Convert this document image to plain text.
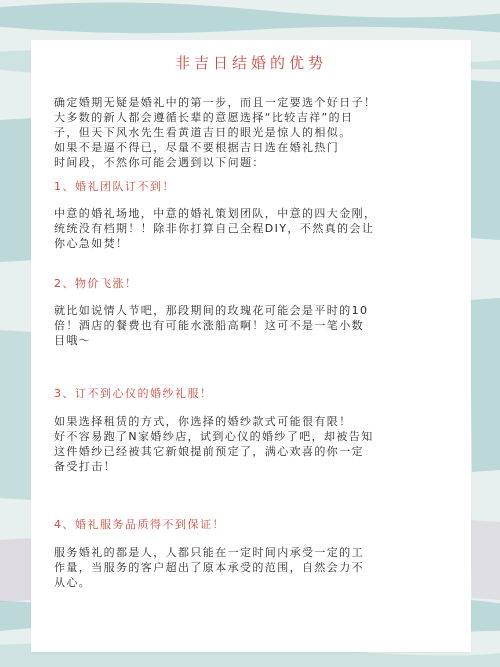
非吉日结婚的优势
确定婚期无疑是婚礼中的第一步，而且一定要选个好日子！
大多数的新人都会遵循长辈的意愿选择“比较吉祥”的日
子，但天下风水先生看黄道吉日的眼光是惊人的相似。
如果不是逼不得已，尽量不要根据吉日选在婚礼热门
时间段，不然你可能会遇到以下问题：
1、婚礼团队订不到！
中意的婚礼场地，中意的婚礼策划团队，中意的四大金刚，
统统没有档期！！除非你打算自己全程DIY，不然真的会让
你心急如焚！
2、物价飞涨！
就比如说情人节吧，那段期间的玫瑰花可能会是平时的10
倍！酒店的餐费也有可能水涨船高啊！这可不是一笔小数
目哦～
3、订不到心仪的婚纱礼服！
如果选择租赁的方式，你选择的婚纱款式可能很有限！
好不容易跑了N家婚纱店，试到心仪的婚纱了吧，却被告知
这件婚纱已经被其它新娘提前预定了，满心欢喜的你一定
备受打击！
4、婚礼服务品质得不到保证！
服务婚礼的都是人，人都只能在一定时间内承受一定的工
作量，当服务的客户超出了原本承受的范围，自然会力不
从心。
